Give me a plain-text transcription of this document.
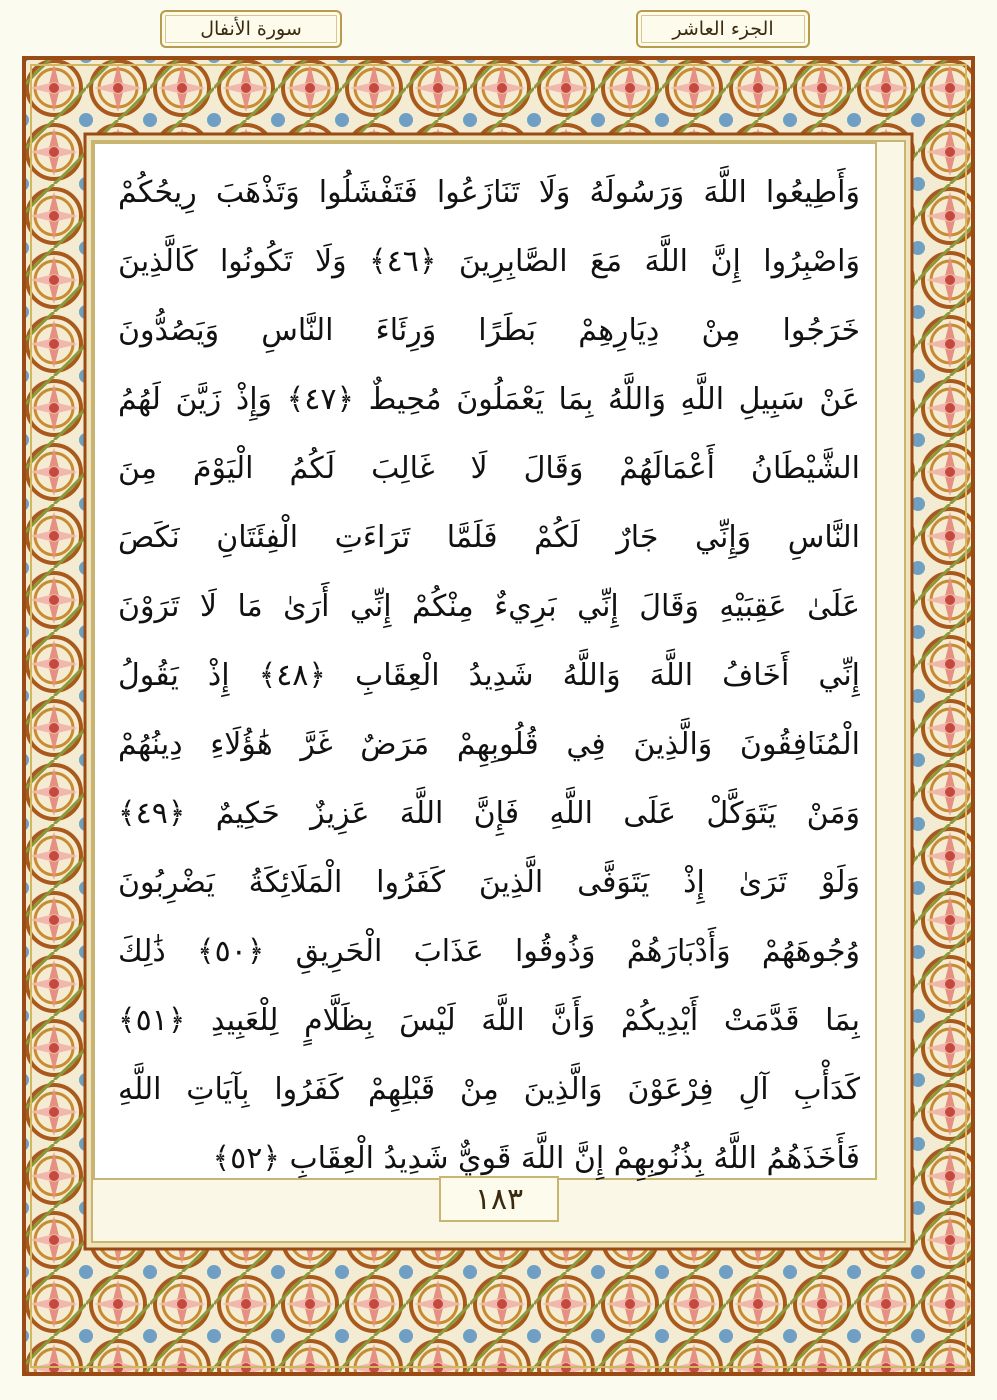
سورة الأنفال	الجزء العاشر
وَأَطِيعُوا اللَّهَ وَرَسُولَهُ وَلَا تَنَازَعُوا فَتَفْشَلُوا وَتَذْهَبَ رِيحُكُمْ
وَاصْبِرُوا إِنَّ اللَّهَ مَعَ الصَّابِرِينَ ﴿٤٦﴾ وَلَا تَكُونُوا كَالَّذِينَ
خَرَجُوا مِنْ دِيَارِهِمْ بَطَرًا وَرِئَاءَ النَّاسِ وَيَصُدُّونَ
عَنْ سَبِيلِ اللَّهِ وَاللَّهُ بِمَا يَعْمَلُونَ مُحِيطٌ ﴿٤٧﴾ وَإِذْ زَيَّنَ لَهُمُ
الشَّيْطَانُ أَعْمَالَهُمْ وَقَالَ لَا غَالِبَ لَكُمُ الْيَوْمَ مِنَ
النَّاسِ وَإِنِّي جَارٌ لَكُمْ فَلَمَّا تَرَاءَتِ الْفِئَتَانِ نَكَصَ
عَلَىٰ عَقِبَيْهِ وَقَالَ إِنِّي بَرِيءٌ مِنْكُمْ إِنِّي أَرَىٰ مَا لَا تَرَوْنَ
إِنِّي أَخَافُ اللَّهَ وَاللَّهُ شَدِيدُ الْعِقَابِ ﴿٤٨﴾ إِذْ يَقُولُ
الْمُنَافِقُونَ وَالَّذِينَ فِي قُلُوبِهِمْ مَرَضٌ غَرَّ هَٰؤُلَاءِ دِينُهُمْ
وَمَنْ يَتَوَكَّلْ عَلَى اللَّهِ فَإِنَّ اللَّهَ عَزِيزٌ حَكِيمٌ ﴿٤٩﴾
وَلَوْ تَرَىٰ إِذْ يَتَوَفَّى الَّذِينَ كَفَرُوا الْمَلَائِكَةُ يَضْرِبُونَ
وُجُوهَهُمْ وَأَدْبَارَهُمْ وَذُوقُوا عَذَابَ الْحَرِيقِ ﴿٥٠﴾ ذَٰلِكَ
بِمَا قَدَّمَتْ أَيْدِيكُمْ وَأَنَّ اللَّهَ لَيْسَ بِظَلَّامٍ لِلْعَبِيدِ ﴿٥١﴾
كَدَأْبِ آلِ فِرْعَوْنَ وَالَّذِينَ مِنْ قَبْلِهِمْ كَفَرُوا بِآيَاتِ اللَّهِ
فَأَخَذَهُمُ اللَّهُ بِذُنُوبِهِمْ إِنَّ اللَّهَ قَوِيٌّ شَدِيدُ الْعِقَابِ ﴿٥٢﴾
١٨٣
